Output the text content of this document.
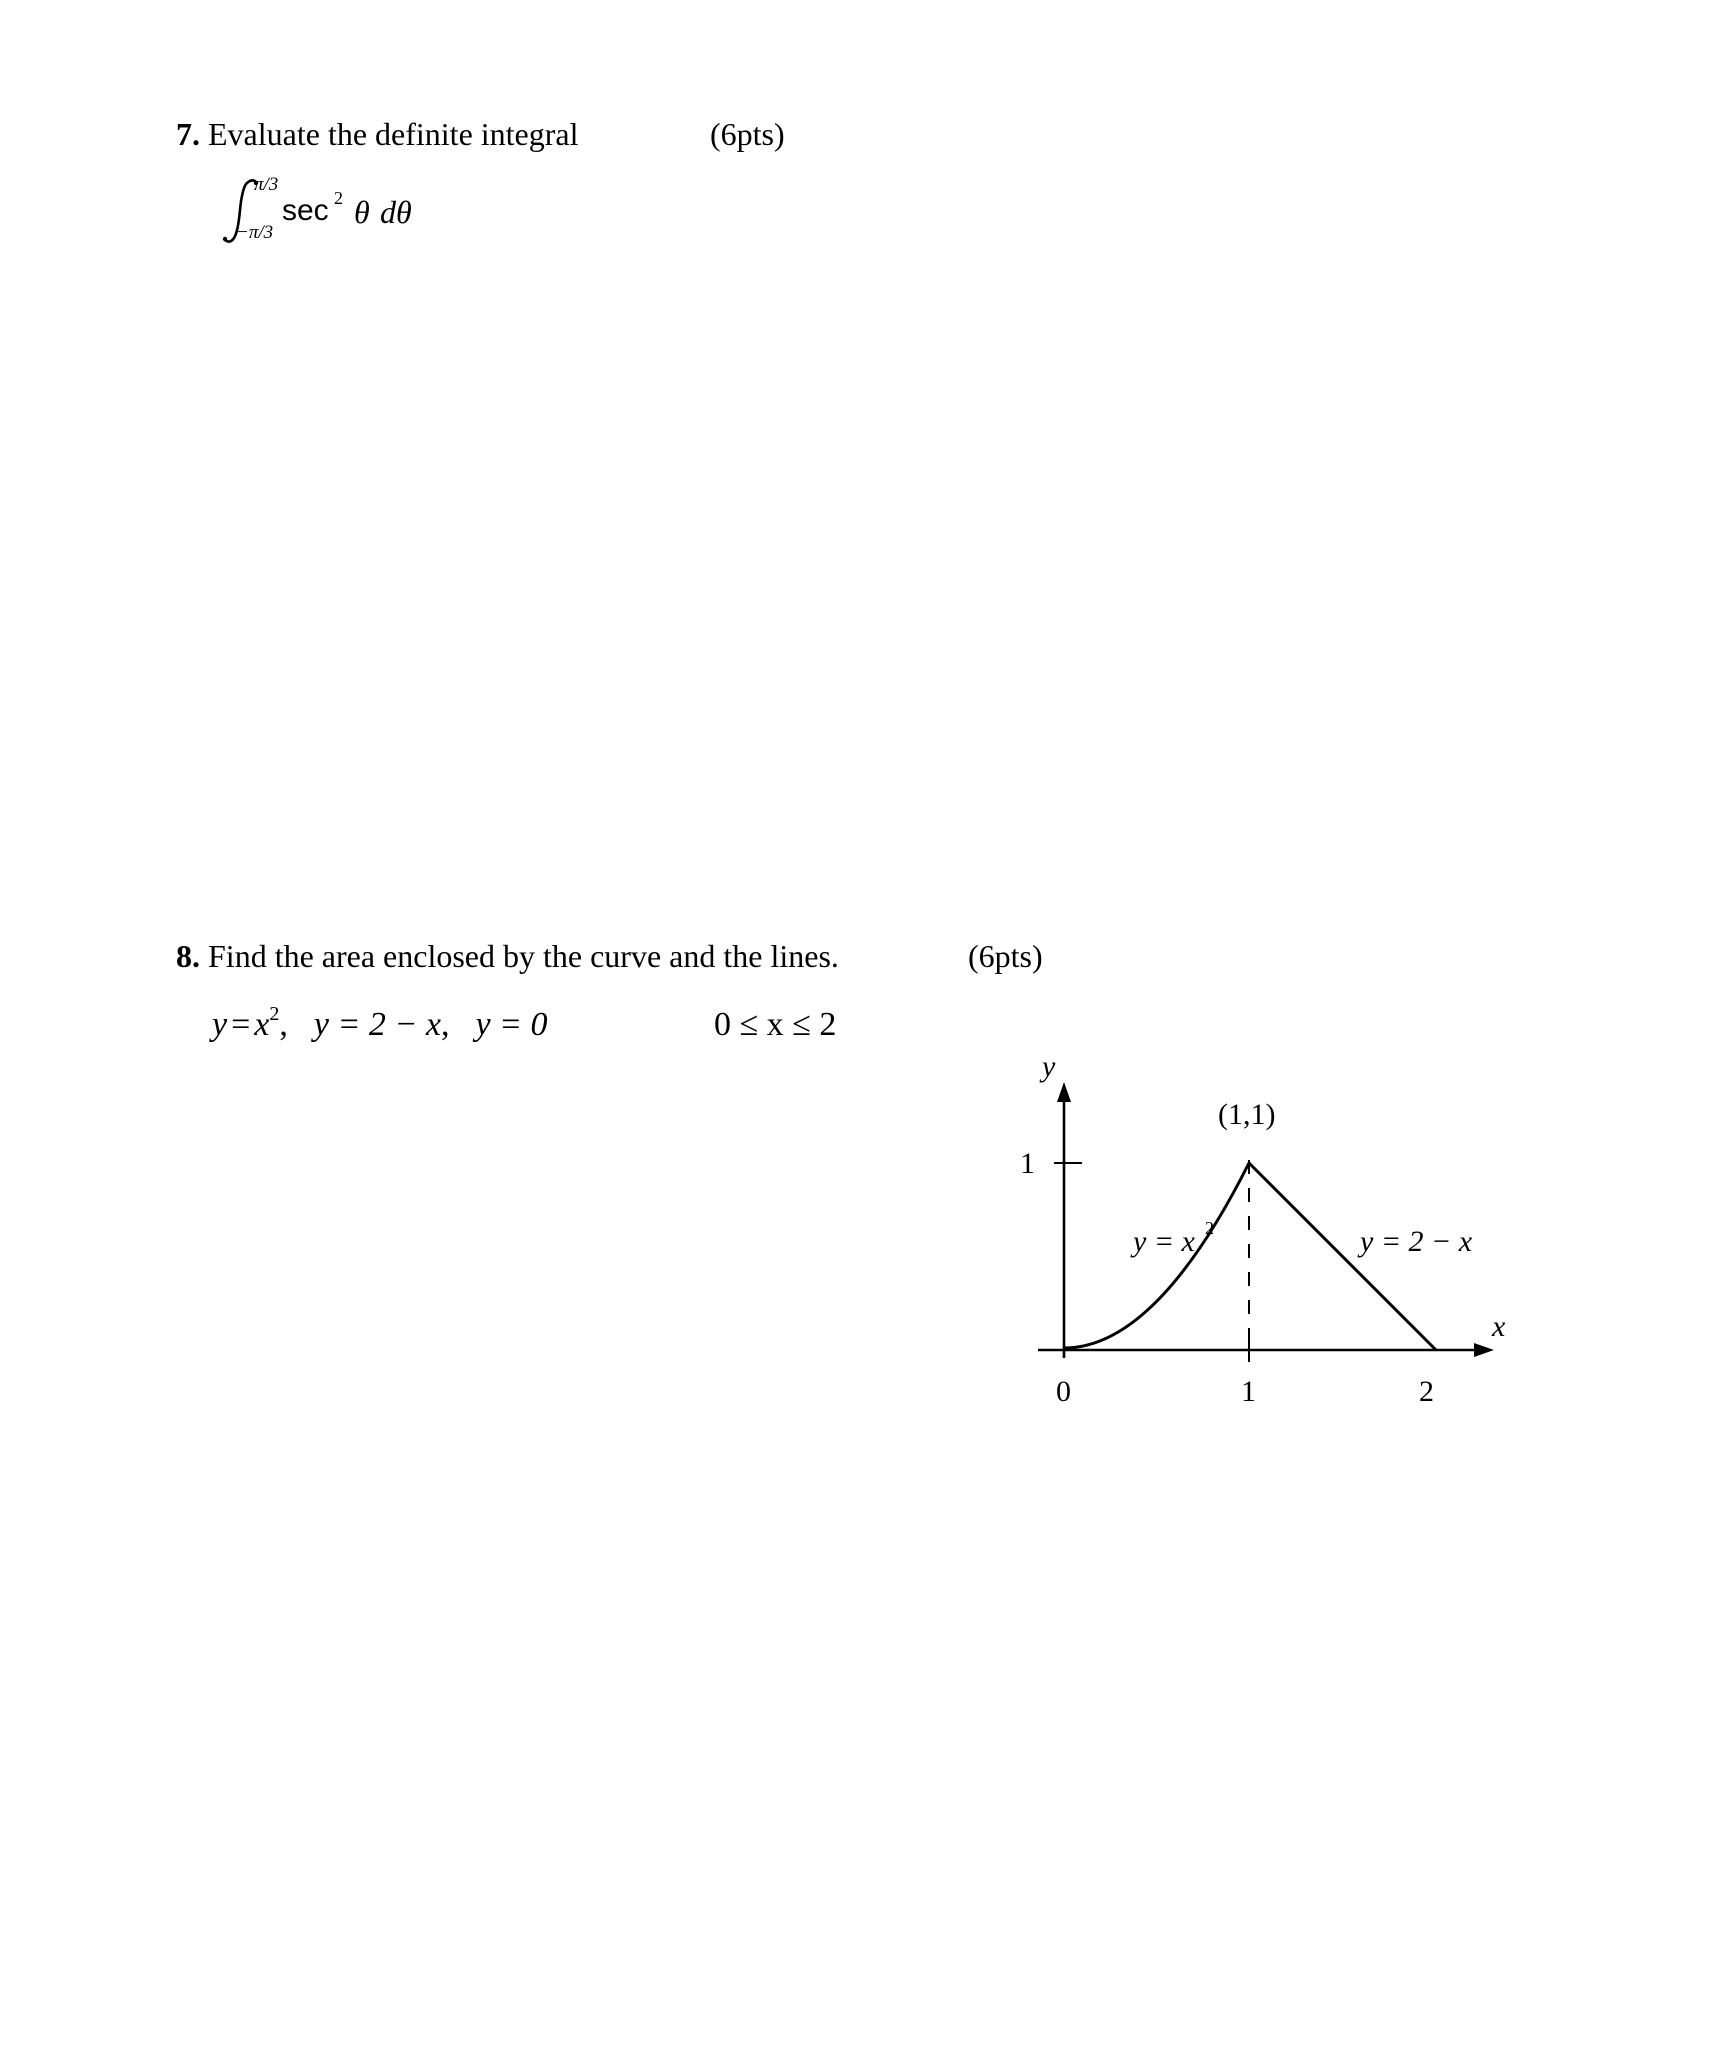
7. Evaluate the definite integral	(6pts)
π/3
−π/3
sec 2 θ dθ
8. Find the area enclosed by the curve and the lines.	(6pts)
$y = x^2$, y = 2 − x, y = 0	0 ≤ x ≤ 2
y
x
1
0	1	2
(1,1)
y = x 2	y = 2 − x
